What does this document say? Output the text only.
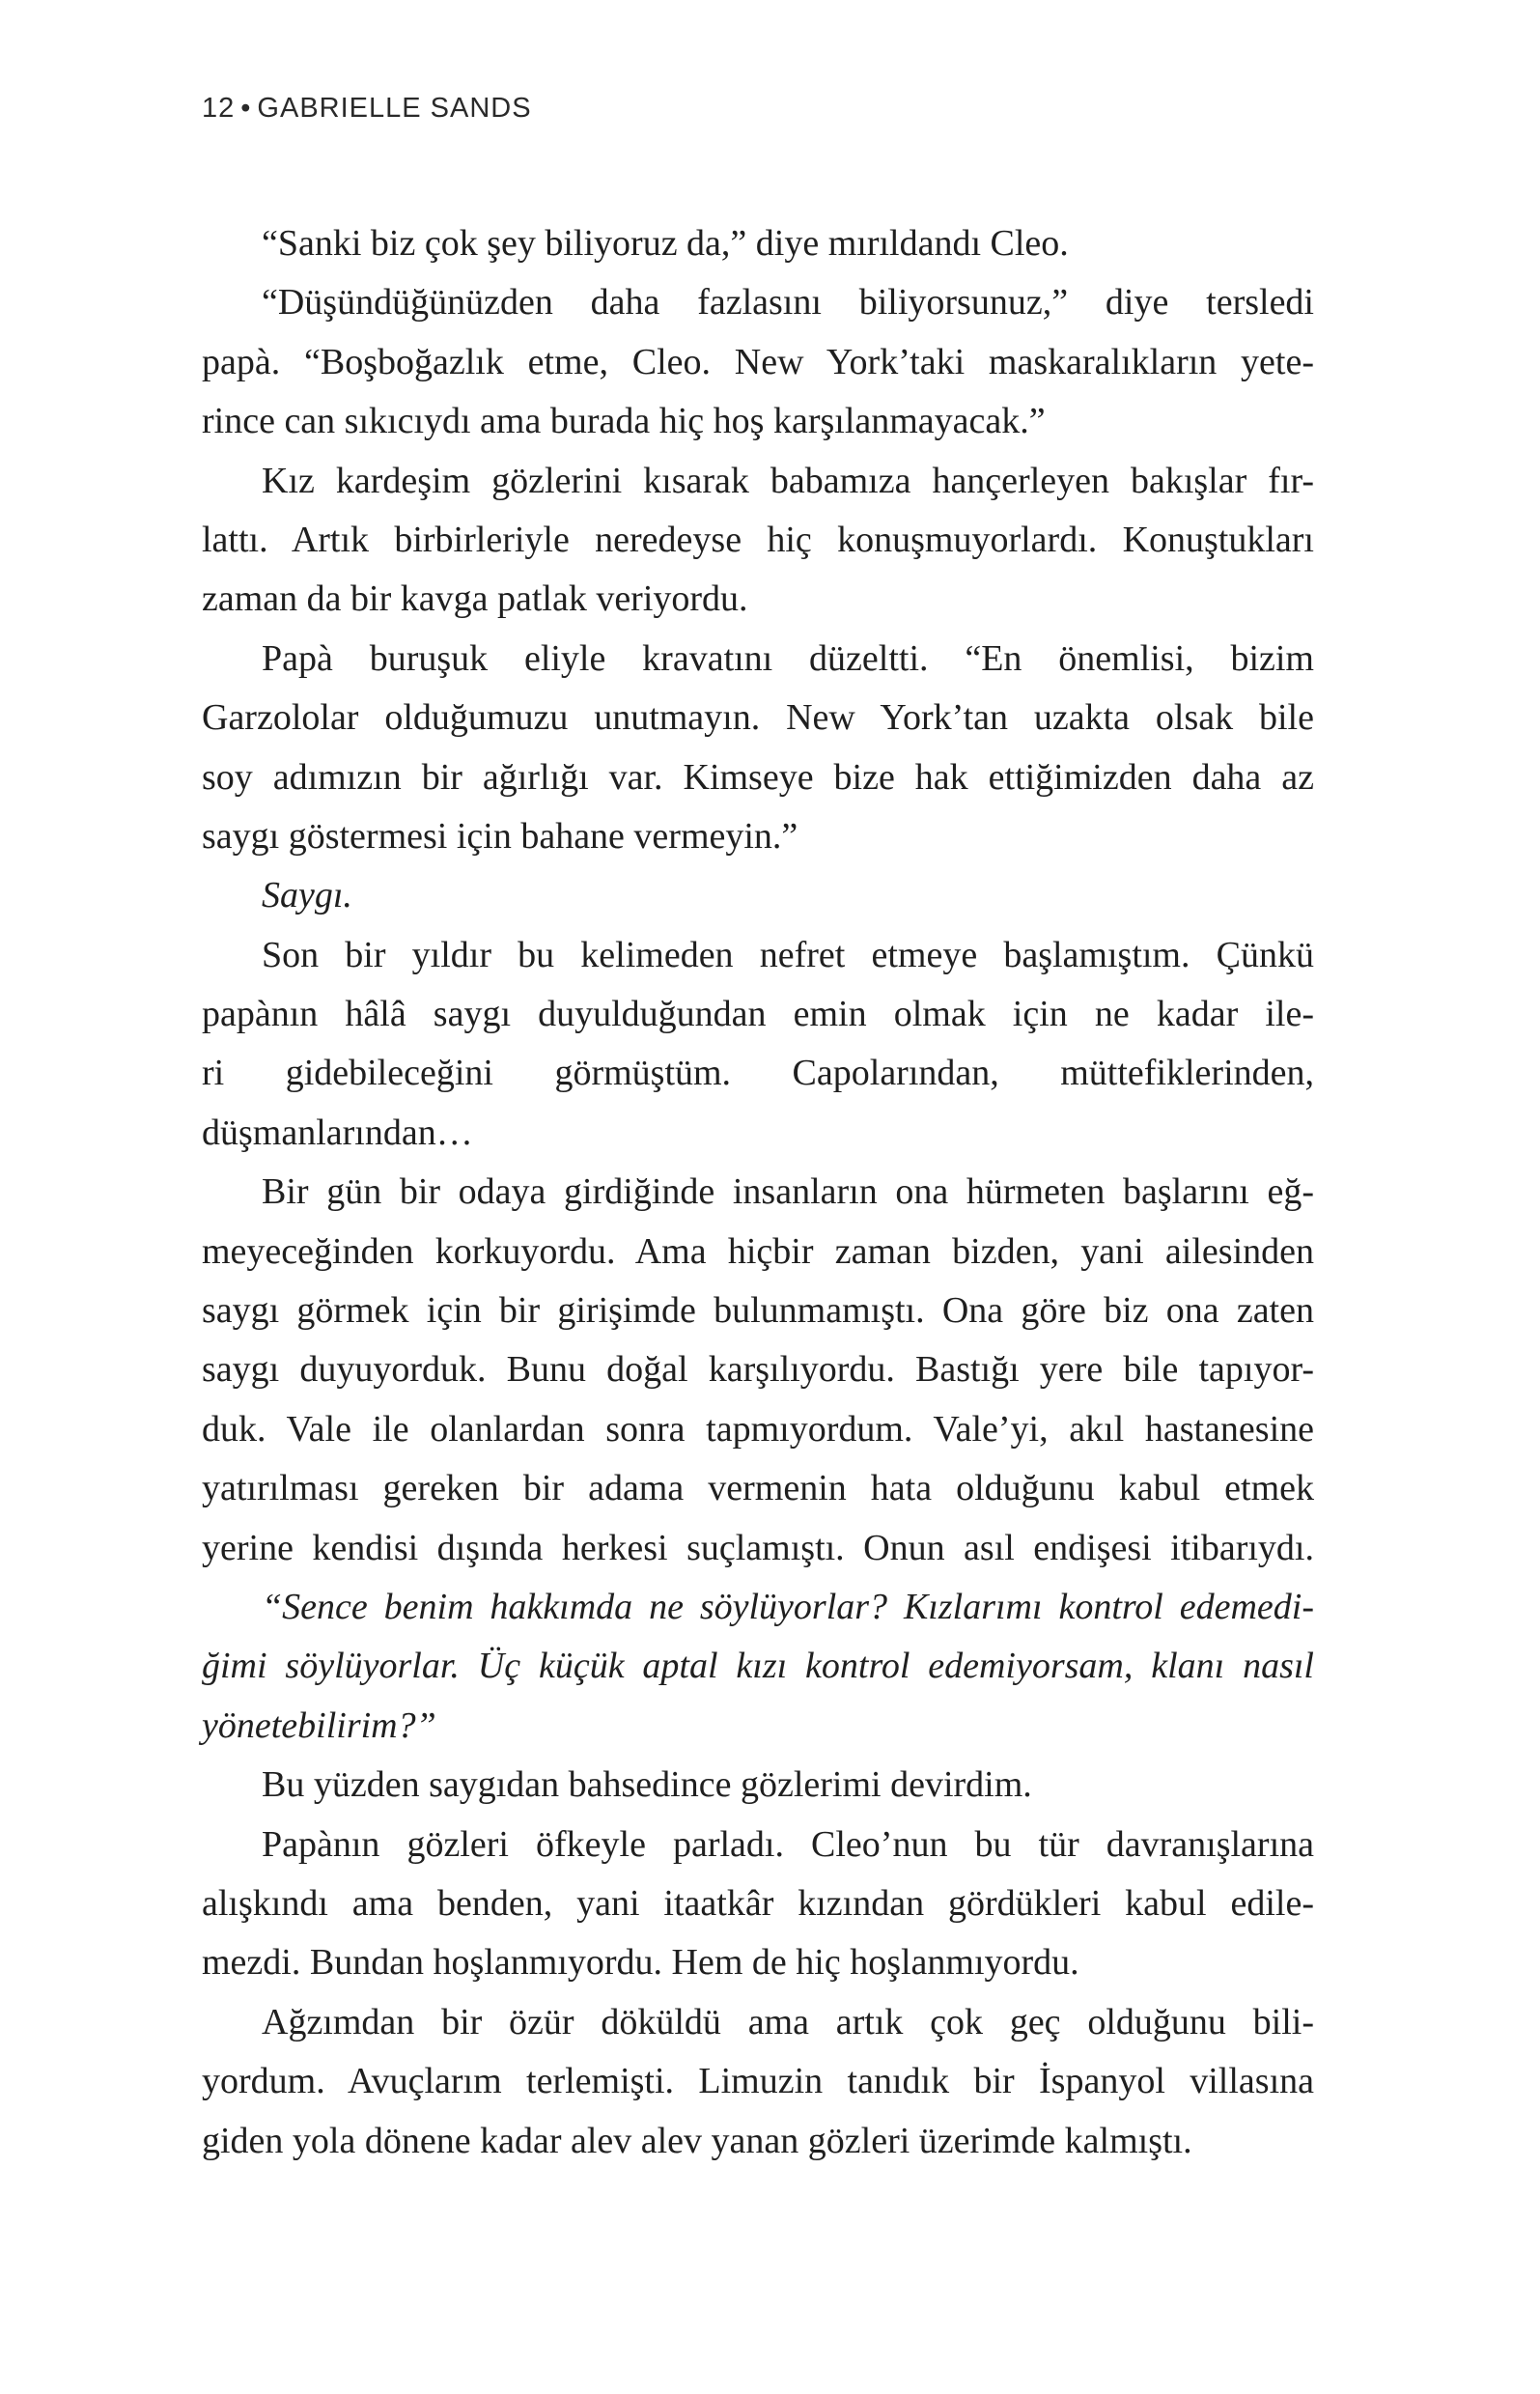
12 • GABRIELLE SANDS
“Sanki biz çok şey biliyoruz da,” diye mırıldandı Cleo.
“Düşündüğünüzden daha fazlasını biliyorsunuz,” diye tersledi
papà. “Boşboğazlık etme, Cleo. New York’taki maskaralıkların yete-
rince can sıkıcıydı ama burada hiç hoş karşılanmayacak.”
Kız kardeşim gözlerini kısarak babamıza hançerleyen bakışlar fır-
lattı. Artık birbirleriyle neredeyse hiç konuşmuyorlardı. Konuştukları
zaman da bir kavga patlak veriyordu.
Papà buruşuk eliyle kravatını düzeltti. “En önemlisi, bizim
Garzololar olduğumuzu unutmayın. New York’tan uzakta olsak bile
soy adımızın bir ağırlığı var. Kimseye bize hak ettiğimizden daha az
saygı göstermesi için bahane vermeyin.”
Saygı.
Son bir yıldır bu kelimeden nefret etmeye başlamıştım. Çünkü
papànın hâlâ saygı duyulduğundan emin olmak için ne kadar ile-
ri gidebileceğini görmüştüm. Capolarından, müttefiklerinden,
düşmanlarından…
Bir gün bir odaya girdiğinde insanların ona hürmeten başlarını eğ-
meyeceğinden korkuyordu. Ama hiçbir zaman bizden, yani ailesinden
saygı görmek için bir girişimde bulunmamıştı. Ona göre biz ona zaten
saygı duyuyorduk. Bunu doğal karşılıyordu. Bastığı yere bile tapıyor-
duk. Vale ile olanlardan sonra tapmıyordum. Vale’yi, akıl hastanesine
yatırılması gereken bir adama vermenin hata olduğunu kabul etmek
yerine kendisi dışında herkesi suçlamıştı. Onun asıl endişesi itibarıydı.
“Sence benim hakkımda ne söylüyorlar? Kızlarımı kontrol edemedi-
ğimi söylüyorlar. Üç küçük aptal kızı kontrol edemiyorsam, klanı nasıl
yönetebilirim?”
Bu yüzden saygıdan bahsedince gözlerimi devirdim.
Papànın gözleri öfkeyle parladı. Cleo’nun bu tür davranışlarına
alışkındı ama benden, yani itaatkâr kızından gördükleri kabul edile-
mezdi. Bundan hoşlanmıyordu. Hem de hiç hoşlanmıyordu.
Ağzımdan bir özür döküldü ama artık çok geç olduğunu bili-
yordum. Avuçlarım terlemişti. Limuzin tanıdık bir İspanyol villasına
giden yola dönene kadar alev alev yanan gözleri üzerimde kalmıştı.
